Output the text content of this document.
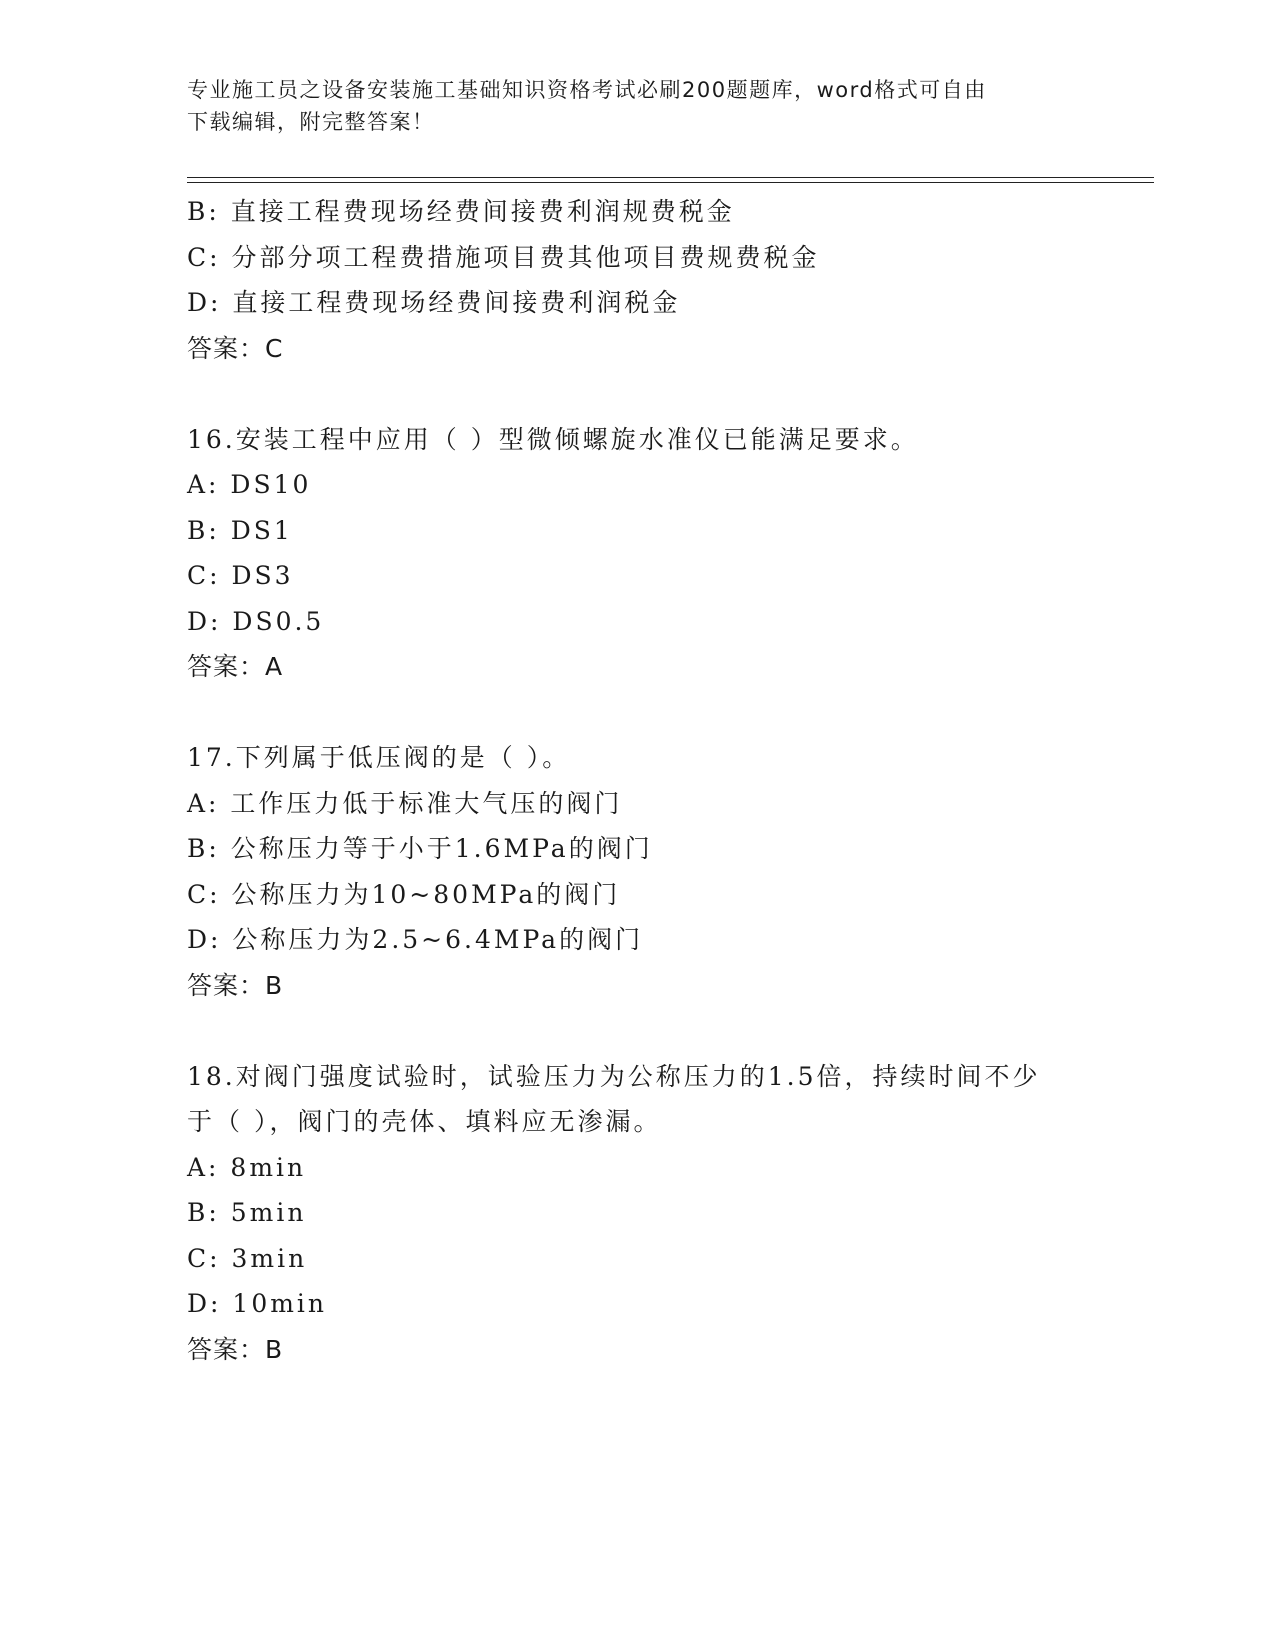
专业施工员之设备安装施工基础知识资格考试必刷200题题库，word格式可自由
下载编辑，附完整答案！
B: 直接工程费现场经费间接费利润规费税金
C: 分部分项工程费措施项目费其他项目费规费税金
D: 直接工程费现场经费间接费利润税金
答案：C
16.安装工程中应用（ ）型微倾螺旋水准仪已能满足要求。
A: DS10
B: DS1
C: DS3
D: DS0.5
答案：A
17.下列属于低压阀的是（ ）。
A: 工作压力低于标准大气压的阀门
B: 公称压力等于小于1.6MPa的阀门
C: 公称压力为10~80MPa的阀门
D: 公称压力为2.5~6.4MPa的阀门
答案：B
18.对阀门强度试验时，试验压力为公称压力的1.5倍，持续时间不少
于（ ），阀门的壳体、填料应无渗漏。
A: 8min
B: 5min
C: 3min
D: 10min
答案：B
